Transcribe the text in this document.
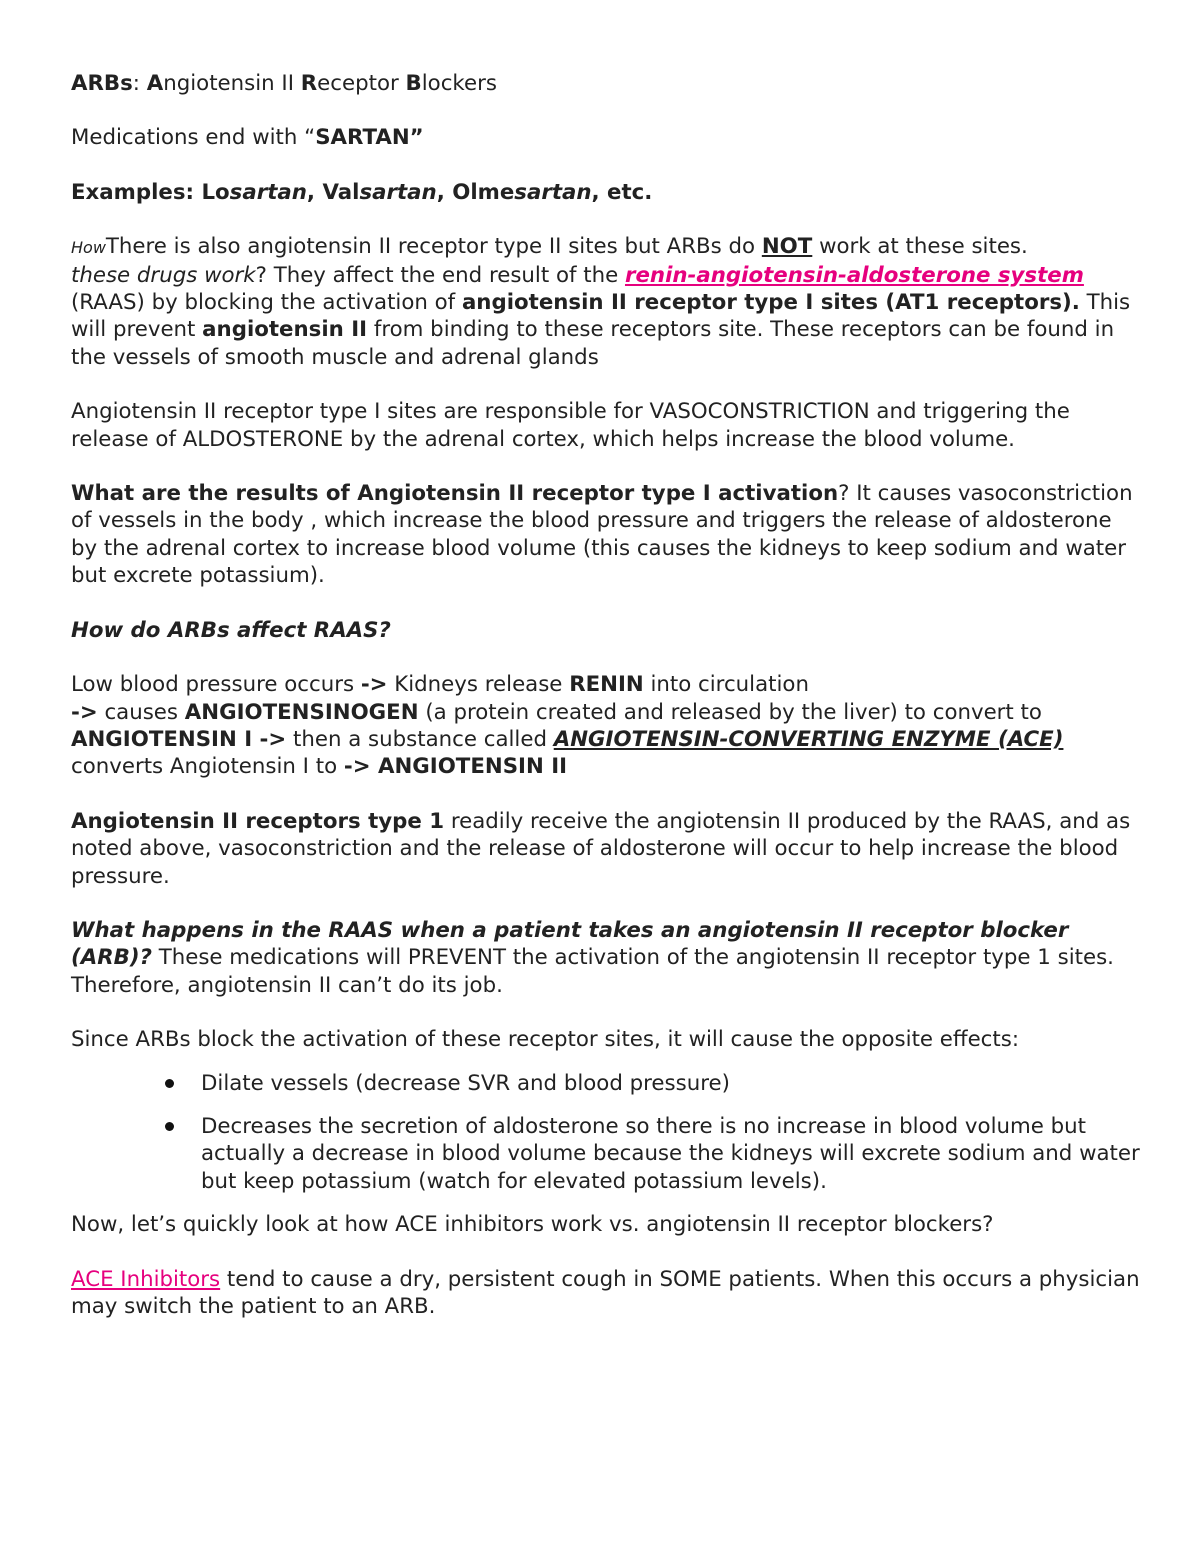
ARBs: Angiotensin II Receptor Blockers

Medications end with “SARTAN”

Examples: Losartan, Valsartan, Olmesartan, etc.

HowThere is also angiotensin II receptor type II sites but ARBs do NOT work at these sites.
these drugs work? They affect the end result of the renin-angiotensin-aldosterone system (RAAS) by blocking the activation of angiotensin II receptor type I sites (AT1 receptors). This will prevent angiotensin II from binding to these receptors site. These receptors can be found in the vessels of smooth muscle and adrenal glands

Angiotensin II receptor type I sites are responsible for VASOCONSTRICTION and triggering the release of ALDOSTERONE by the adrenal cortex, which helps increase the blood volume.

What are the results of Angiotensin II receptor type I activation? It causes vasoconstriction of vessels in the body , which increase the blood pressure and triggers the release of aldosterone by the adrenal cortex to increase blood volume (this causes the kidneys to keep sodium and water but excrete potassium).

How do ARBs affect RAAS?

Low blood pressure occurs -> Kidneys release RENIN into circulation
-> causes ANGIOTENSINOGEN (a protein created and released by the liver) to convert to ANGIOTENSIN I -> then a substance called ANGIOTENSIN-CONVERTING ENZYME (ACE) converts Angiotensin I to -> ANGIOTENSIN II

Angiotensin II receptors type 1 readily receive the angiotensin II produced by the RAAS, and as noted above, vasoconstriction and the release of aldosterone will occur to help increase the blood pressure.

What happens in the RAAS when a patient takes an angiotensin II receptor blocker (ARB)? These medications will PREVENT the activation of the angiotensin II receptor type 1 sites. Therefore, angiotensin II can’t do its job.

Since ARBs block the activation of these receptor sites, it will cause the opposite effects:

Dilate vessels (decrease SVR and blood pressure)
Decreases the secretion of aldosterone so there is no increase in blood volume but actually a decrease in blood volume because the kidneys will excrete sodium and water but keep potassium (watch for elevated potassium levels).

Now, let’s quickly look at how ACE inhibitors work vs. angiotensin II receptor blockers?

ACE Inhibitors tend to cause a dry, persistent cough in SOME patients. When this occurs a physician may switch the patient to an ARB.
